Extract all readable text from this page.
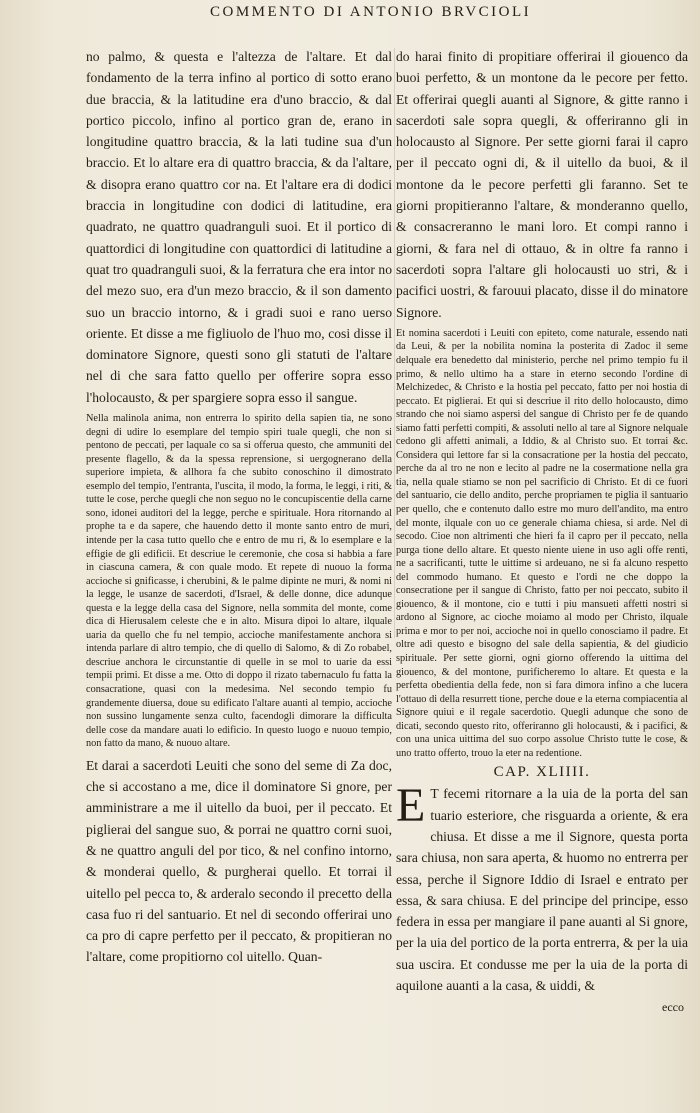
COMMENTO DI ANTONIO BRVCIOLI

no palmo, & questa e l'altezza de l'altare. Et dal fondamento de la terra infino al portico di sotto erano due braccia, & la latitudine era d'uno braccio, & dal portico piccolo, infino al portico gran de, erano in longitudine quattro braccia, & la lati tudine sua d'un braccio. Et lo altare era di quattro braccia, & da l'altare, & disopra erano quattro cor na. Et l'altare era di dodici braccia in longitudine con dodici di latitudine, era quadrato, ne quattro quadranguli suoi. Et il portico di quattordici di longitudine con quattordici di latitudine a quat tro quadranguli suoi, & la ferratura che era intor no del mezo suo, era d'un mezo braccio, & il son damento suo un braccio intorno, & i gradi suoi e rano uerso oriente. Et disse a me figliuolo de l'huo mo, cosi disse il dominatore Signore, questi sono gli statuti de l'altare nel di che sara fatto quello per offerire sopra esso l'holocausto, & per spargiere sopra esso il sangue.

Nella malinola anima, non entrerra lo spirito della sapien tia, ne sono degni di udire lo esemplare del tempio spiri tuale quegli, che non si pentono de peccati, per laquale co sa si offerua questo, che ammuniti del presente flagello, & da la spessa reprensione, si uergognerano della superiore impieta, & allhora fa che subito conoschino il dimostrato esemplo del tempio, l'entranta, l'uscita, il modo, la forma, le leggi, i riti, & tutte le cose, perche quegli che non seguo no le concupiscentie della carne sono, idonei auditori del la legge, perche e spirituale. Hora ritornando al prophe ta e da sapere, che hauendo detto il monte santo entro de muri, intende per la casa tutto quello che e entro de mu ri, & lo esemplare e la effigie de gli edificii. Et descriue le ceremonie, che cosa si habbia a fare in ciascuna camera, & con quale modo. Et repete di nuouo la forma accioche si gnificasse, i cherubini, & le palme dipinte ne muri, & nomi ni la legge, le usanze de sacerdoti, d'Israel, & delle donne, dice adunque questa e la legge della casa del Signore, nella sommita del monte, come dica di Hierusalem celeste che e in alto. Misura dipoi lo altare, ilquale uaria da quello che fu nel tempio, accioche manifestamente anchora si intenda parlare di altro tempio, che di quello di Salomo, & di Zo robabel, descriue anchora le circunstantie di quelle in se mol to uarie da essi tempii primi. Et disse a me. Otto di doppo il rizato tabernaculo fu fatta la consacratione, quasi con la medesima. Nel secondo tempio fu grandemente diuersa, doue su edificato l'altare auanti al tempio, accioche non sussino lungamente senza culto, facendogli dimorare la difficulta delle cose da mandare auati lo edificio. In questo luogo e nuouo tempio, non fatto da mano, & nuouo altare.

Et darai a sacerdoti Leuiti che sono del seme di Za doc, che si accostano a me, dice il dominatore Si gnore, per amministrare a me il uitello da buoi, per il peccato. Et piglierai del sangue suo, & porrai ne quattro corni suoi, & ne quattro anguli del por tico, & nel confino intorno, & monderai quello, & purgherai quello. Et torrai il uitello pel pecca to, & arderalo secondo il precetto della casa fuo ri del santuario. Et nel di secondo offerirai uno ca pro di capre perfetto per il peccato, & propitieran no l'altare, come propitiorno col uitello. Quan-

do harai finito di propitiare offerirai il giouenco da buoi perfetto, & un montone da le pecore per fetto. Et offerirai quegli auanti al Signore, & gitte ranno i sacerdoti sale sopra quegli, & offeriranno gli in holocausto al Signore. Per sette giorni farai il capro per il peccato ogni di, & il uitello da buoi, & il montone da le pecore perfetti gli faranno. Set te giorni propitieranno l'altare, & monderanno quello, & consacreranno le mani loro. Et compi ranno i giorni, & fara nel di ottauo, & in oltre fa ranno i sacerdoti sopra l'altare gli holocausti uo stri, & i pacifici uostri, & farouui placato, disse il do minatore Signore.

Et nomina sacerdoti i Leuiti con epiteto, come naturale, essendo nati da Leui, & per la nobilita nomina la posterita di Zadoc il seme delquale era benedetto dal ministerio, perche nel primo tempio fu il primo, & nello ultimo ha a stare in eterno secondo l'ordine di Melchizedec, & Christo e la hostia pel peccato, fatto per noi hostia di peccato. Et piglierai. Et qui si descriue il rito dello holocausto, dimo strando che noi siamo aspersi del sangue di Christo per fe de quando siamo fatti perfetti compiti, & assoluti nello al tare al Signore nelquale cedono gli affetti animali, a Iddio, & al Christo suo. Et torrai &c. Considera qui lettore far si la consacratione per la hostia del peccato, perche da al tro ne non e lecito al padre ne la cosermatione nella gra tia, nella quale stiamo se non pel sacrificio di Christo. Et di ce fuori del santuario, cie dello andito, perche propriamen te piglia il santuario per quello, che e contenuto dallo estre mo muro dell'andito, ma entro del monte, ilquale con uo ce generale chiama chiesa, si arde. Nel di secodo. Cioe non altrimenti che hieri fa il capro per il peccato, nella purga tione dello altare. Et questo niente uiene in uso agli offe renti, ne a sacrificanti, tutte le uittime si ardeuano, ne si fa alcuno respetto del commodo humano. Et questo e l'ordi ne che doppo la consecratione per il sangue di Christo, fatto per noi peccato, subito il giouenco, & il montone, cio e tutti i piu mansueti affetti nostri si ardono al Signore, ac cioche moiamo al modo per Christo, ilquale prima e mor to per noi, accioche noi in quello conosciamo il padre. Et oltre adi questo e bisogno del sale della sapientia, & del giudicio spirituale. Per sette giorni, ogni giorno offerendo la uittima del giouenco, & del montone, purificheremo lo altare. Et questa e la perfetta obedientia della fede, non si fara dimora infino a che lucera l'ottauo di della resurrett tione, perche doue e la eterna compiacentia al Signore quiui e il regale sacerdotio. Quegli adunque che sono de dicati, secondo questo rito, offeriranno gli holocausti, & i pacifici, & con una unica uittima del suo corpo assolue Christo tutte le cose, & uno tratto offerto, trouo la eter na redentione.

CAP. XLIIII.

E T fecemi ritornare a la uia de la porta del san tuario esteriore, che risguarda a oriente, & era chiusa. Et disse a me il Signore, questa porta sara chiusa, non sara aperta, & huomo no entrerra per essa, perche il Signore Iddio di Israel e entrato per essa, & sara chiusa. E del principe del principe, esso federa in essa per mangiare il pane auanti al Si gnore, per la uia del portico de la porta entrerra, & per la uia sua uscira. Et condusse me per la uia de la porta di aquilone auanti a la casa, & uiddi, &

ecco
